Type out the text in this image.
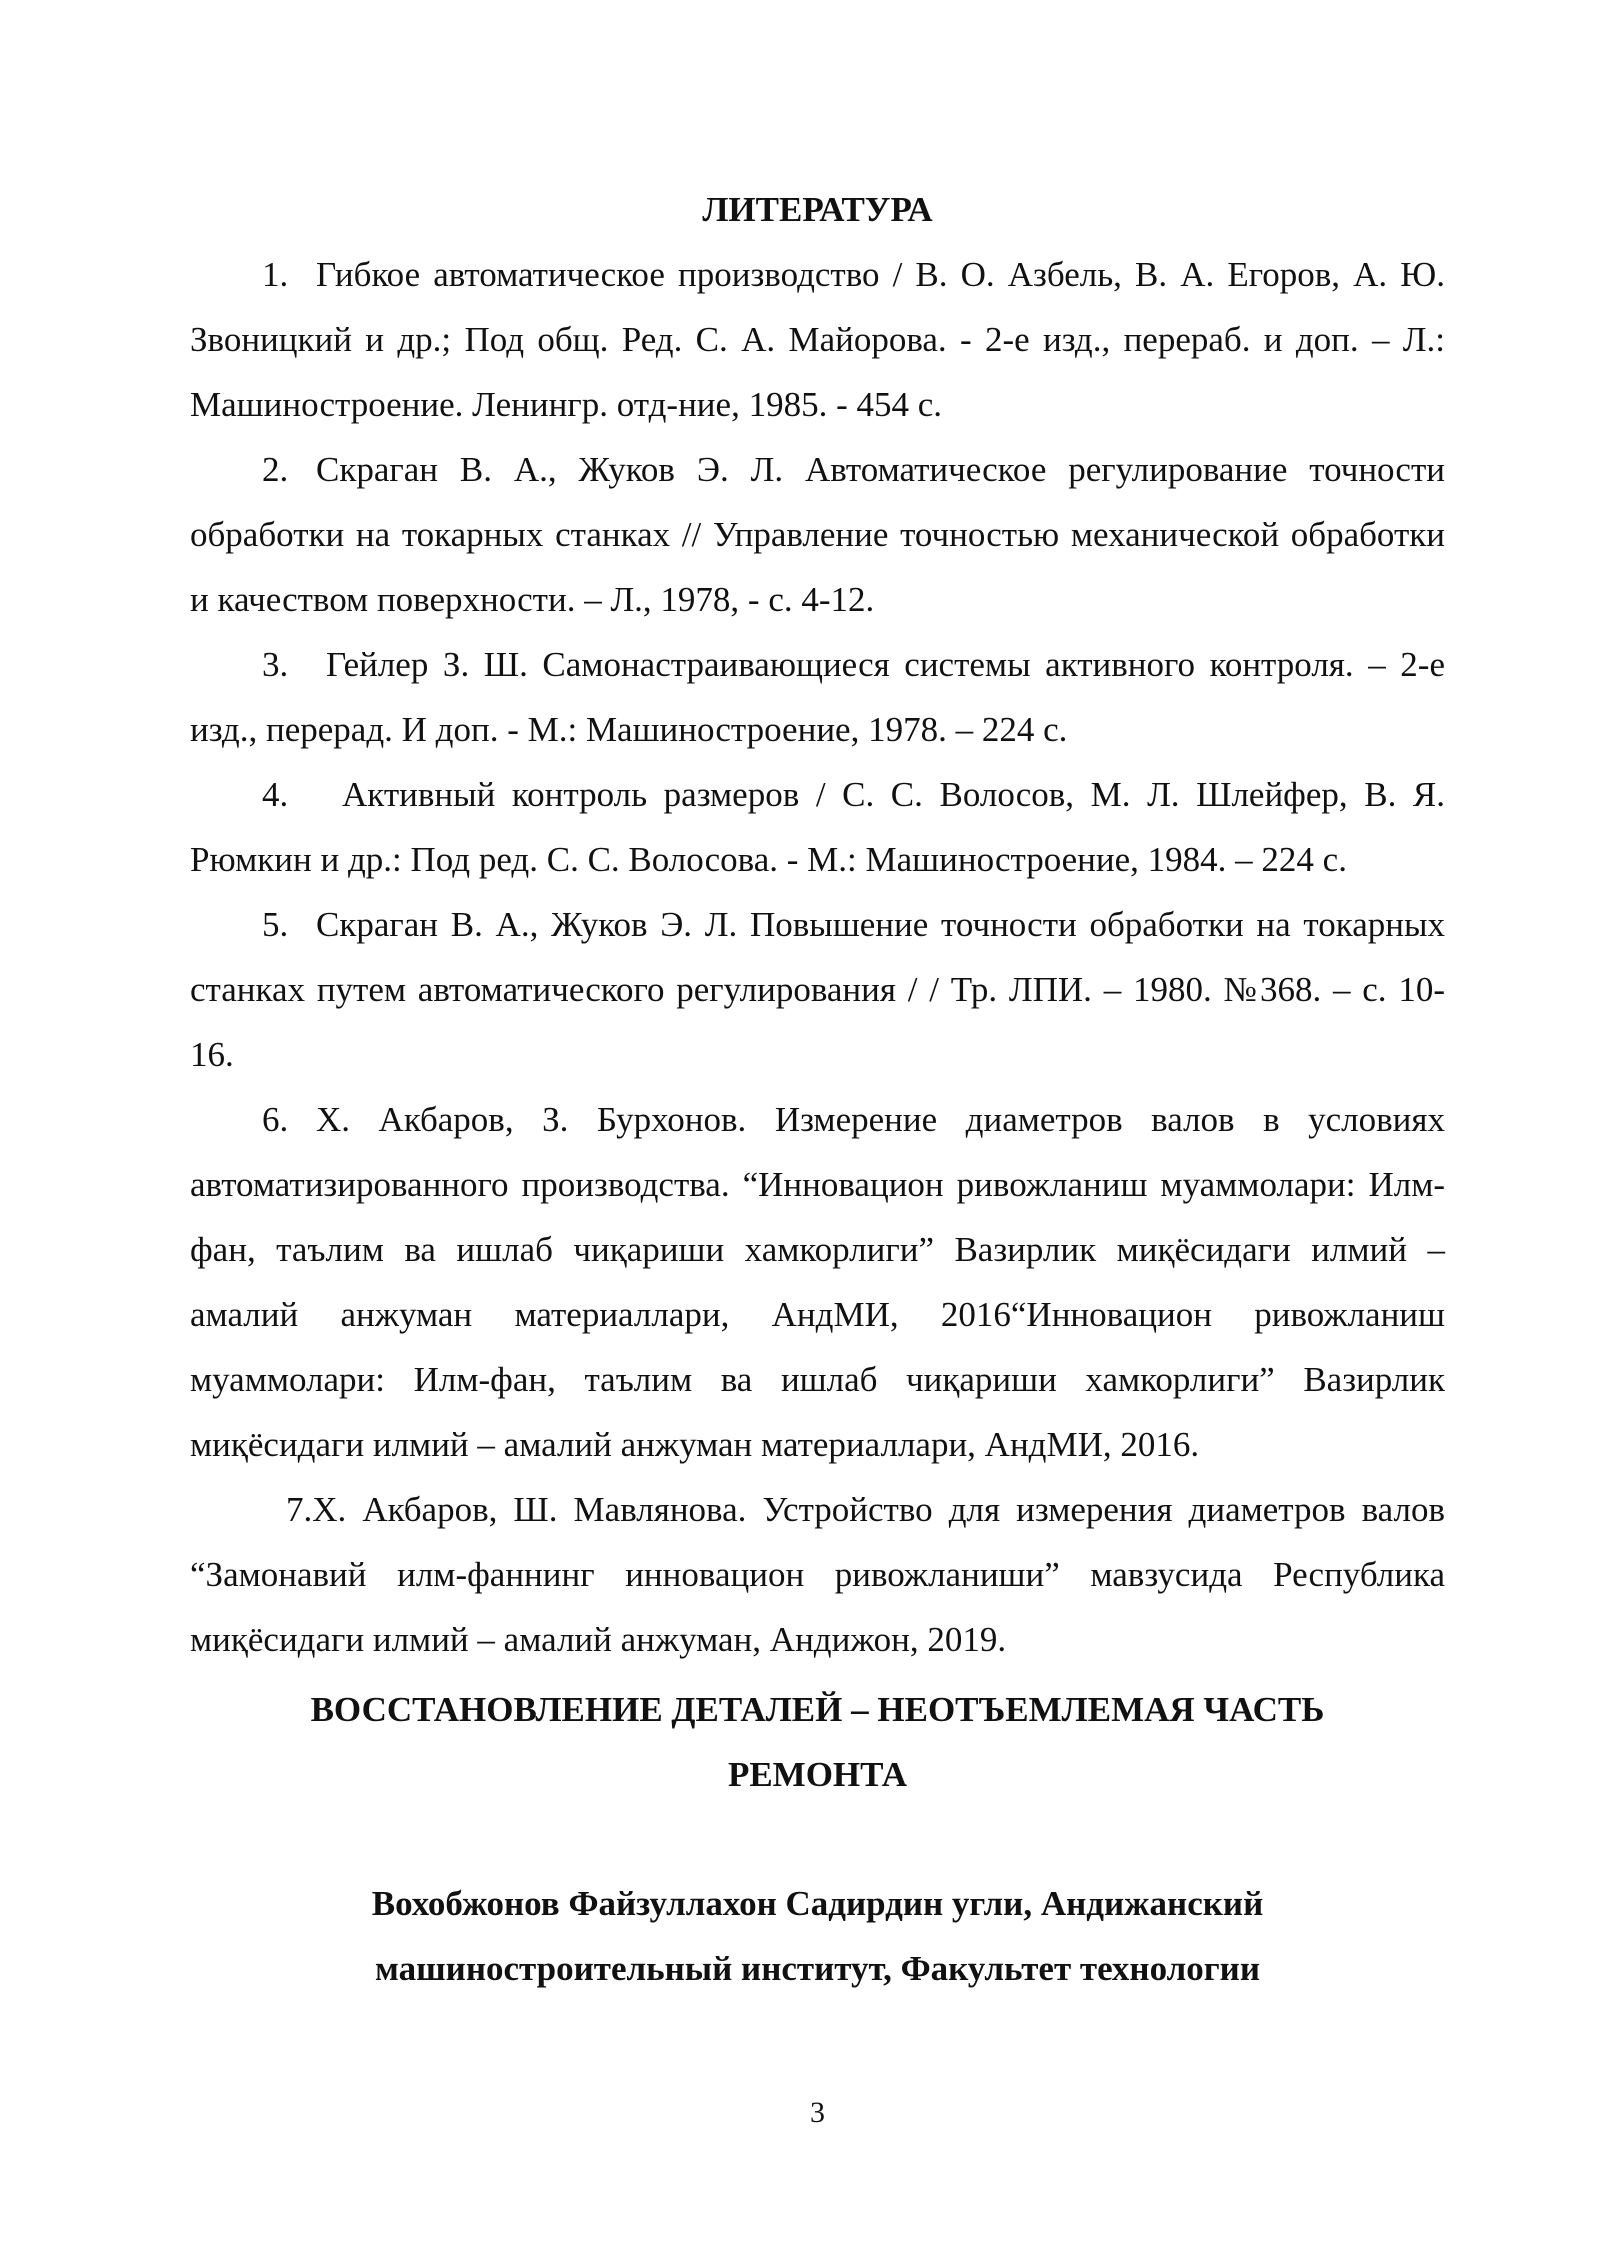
ЛИТЕРАТУРА
1. Гибкое автоматическое производство / В. О. Азбель, В. А. Егоров, А. Ю. Звоницкий и др.; Под общ. Ред. С. А. Майорова. - 2-е изд., перераб. и доп. – Л.: Машиностроение. Ленингр. отд-ние, 1985. - 454 с.
2. Скраган В. А., Жуков Э. Л. Автоматическое регулирование точности обработки на токарных станках // Управление точностью механической обработки и качеством поверхности. – Л., 1978, - с. 4-12.
3. Гейлер З. Ш. Самонастраивающиеся системы активного контроля. – 2-е изд., перерад. И доп. - М.: Машиностроение, 1978. – 224 с.
4. Активный контроль размеров / С. С. Волосов, М. Л. Шлейфер, В. Я. Рюмкин и др.: Под ред. С. С. Волосова. - М.: Машиностроение, 1984. – 224 с.
5. Скраган В. А., Жуков Э. Л. Повышение точности обработки на токарных станках путем автоматического регулирования / / Тр. ЛПИ. – 1980. №368. – с. 10-16.
6. Х. Акбаров, З. Бурхонов. Измерение диаметров валов в условиях автоматизированного производства. “Инновацион ривожланиш муаммолари: Илм-фан, таълим ва ишлаб чиқариши хамкорлиги” Вазирлик миқёсидаги илмий – амалий анжуман материаллари, АндМИ, 2016“Инновацион ривожланиш муаммолари: Илм-фан, таълим ва ишлаб чиқариши хамкорлиги” Вазирлик миқёсидаги илмий – амалий анжуман материаллари, АндМИ, 2016.
7.Х. Акбаров, Ш. Мавлянова. Устройство для измерения диаметров валов “Замонавий илм-фаннинг инновацион ривожланиши” мавзусида Республика миқёсидаги илмий – амалий анжуман, Андижон, 2019.
ВОССТАНОВЛЕНИЕ ДЕТАЛЕЙ – НЕОТЪЕМЛЕМАЯ ЧАСТЬ
РЕМОНТА
Вохобжонов Файзуллахон Садирдин угли, Андижанский
машиностроительный институт, Факультет технологии
3
